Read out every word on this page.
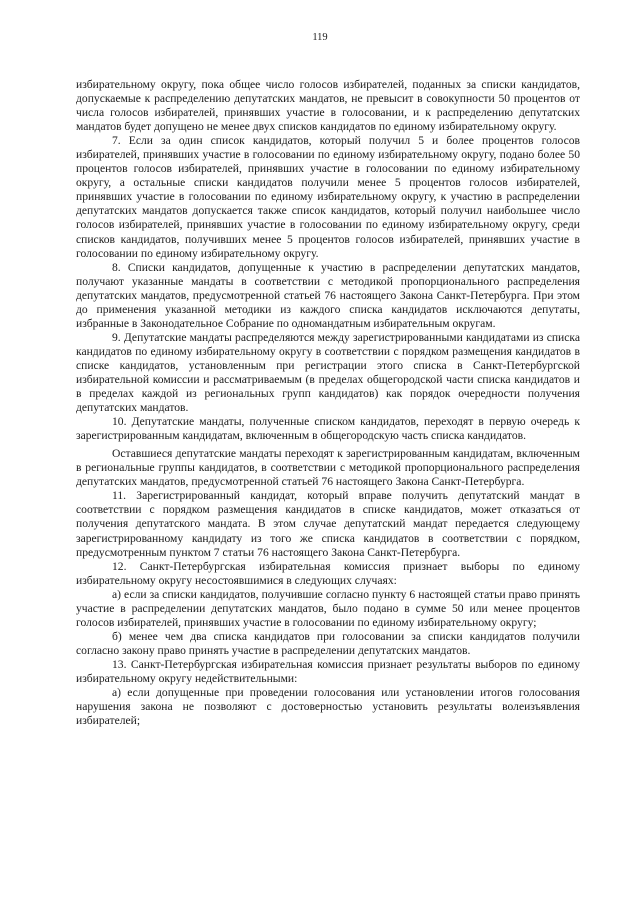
119

избирательному округу, пока общее число голосов избирателей, поданных за списки кандидатов, допускаемые к распределению депутатских мандатов, не превысит в совокупности 50 процентов от числа голосов избирателей, принявших участие в голосовании, и к распределению депутатских мандатов будет допущено не менее двух списков кандидатов по единому избирательному округу.

7. Если за один список кандидатов, который получил 5 и более процентов голосов избирателей, принявших участие в голосовании по единому избирательному округу, подано более 50 процентов голосов избирателей, принявших участие в голосовании по единому избирательному округу, а остальные списки кандидатов получили менее 5 процентов голосов избирателей, принявших участие в голосовании по единому избирательному округу, к участию в распределении депутатских мандатов допускается также список кандидатов, который получил наибольшее число голосов избирателей, принявших участие в голосовании по единому избирательному округу, среди списков кандидатов, получивших менее 5 процентов голосов избирателей, принявших участие в голосовании по единому избирательному округу.

8. Списки кандидатов, допущенные к участию в распределении депутатских мандатов, получают указанные мандаты в соответствии с методикой пропорционального распределения депутатских мандатов, предусмотренной статьей 76 настоящего Закона Санкт-Петербурга. При этом до применения указанной методики из каждого списка кандидатов исключаются депутаты, избранные в Законодательное Собрание по одномандатным избирательным округам.

9. Депутатские мандаты распределяются между зарегистрированными кандидатами из списка кандидатов по единому избирательному округу в соответствии с порядком размещения кандидатов в списке кандидатов, установленным при регистрации этого списка в Санкт-Петербургской избирательной комиссии и рассматриваемым (в пределах общегородской части списка кандидатов и в пределах каждой из региональных групп кандидатов) как порядок очередности получения депутатских мандатов.

10. Депутатские мандаты, полученные списком кандидатов, переходят в первую очередь к зарегистрированным кандидатам, включенным в общегородскую часть списка кандидатов.

Оставшиеся депутатские мандаты переходят к зарегистрированным кандидатам, включенным в региональные группы кандидатов, в соответствии с методикой пропорционального распределения депутатских мандатов, предусмотренной статьей 76 настоящего Закона Санкт-Петербурга.

11. Зарегистрированный кандидат, который вправе получить депутатский мандат в соответствии с порядком размещения кандидатов в списке кандидатов, может отказаться от получения депутатского мандата. В этом случае депутатский мандат передается следующему зарегистрированному кандидату из того же списка кандидатов в соответствии с порядком, предусмотренным пунктом 7 статьи 76 настоящего Закона Санкт-Петербурга.

12. Санкт-Петербургская избирательная комиссия признает выборы по единому избирательному округу несостоявшимися в следующих случаях:

а) если за списки кандидатов, получившие согласно пункту 6 настоящей статьи право принять участие в распределении депутатских мандатов, было подано в сумме 50 или менее процентов голосов избирателей, принявших участие в голосовании по единому избирательному округу;

б) менее чем два списка кандидатов при голосовании за списки кандидатов получили согласно закону право принять участие в распределении депутатских мандатов.

13. Санкт-Петербургская избирательная комиссия признает результаты выборов по единому избирательному округу недействительными:

а) если допущенные при проведении голосования или установлении итогов голосования нарушения закона не позволяют с достоверностью установить результаты волеизъявления избирателей;
